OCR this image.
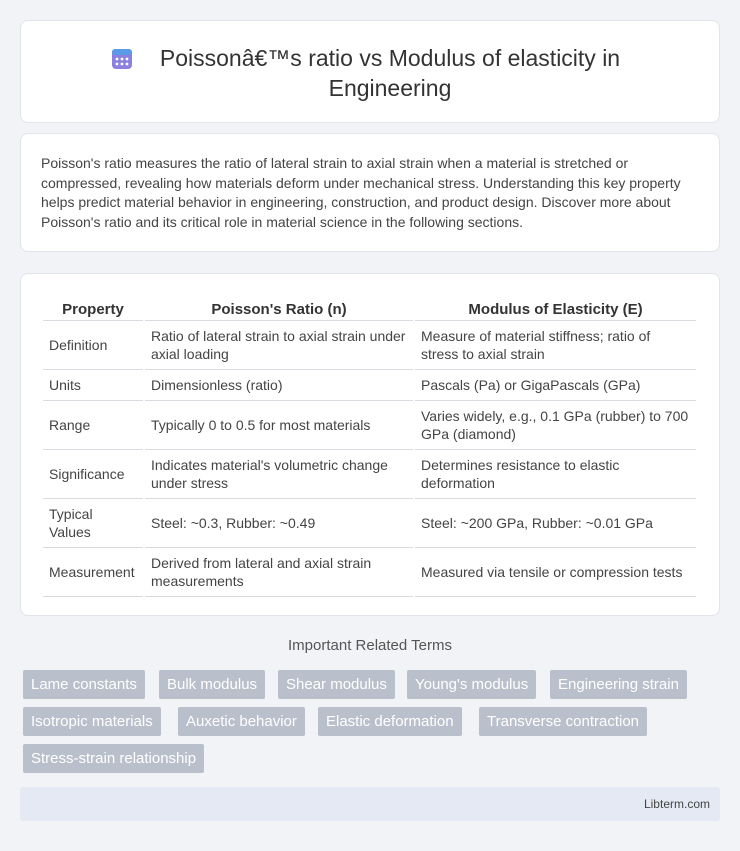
Poissonâ€™s ratio vs Modulus of elasticity in Engineering

Poisson's ratio measures the ratio of lateral strain to axial strain when a material is stretched or compressed, revealing how materials deform under mechanical stress. Understanding this key property helps predict material behavior in engineering, construction, and product design. Discover more about Poisson's ratio and its critical role in material science in the following sections.

Property	Poisson's Ratio (n)	Modulus of Elasticity (E)
Definition	Ratio of lateral strain to axial strain under axial loading	Measure of material stiffness; ratio of stress to axial strain
Units	Dimensionless (ratio)	Pascals (Pa) or GigaPascals (GPa)
Range	Typically 0 to 0.5 for most materials	Varies widely, e.g., 0.1 GPa (rubber) to 700 GPa (diamond)
Significance	Indicates material's volumetric change under stress	Determines resistance to elastic deformation
Typical Values	Steel: ~0.3, Rubber: ~0.49	Steel: ~200 GPa, Rubber: ~0.01 GPa
Measurement	Derived from lateral and axial strain measurements	Measured via tensile or compression tests
Important Related Terms
Lame constants	Bulk modulus	Shear modulus	Young's modulus	Engineering strain
Isotropic materials	Auxetic behavior	Elastic deformation	Transverse contraction
Stress-strain relationship
Libterm.com
